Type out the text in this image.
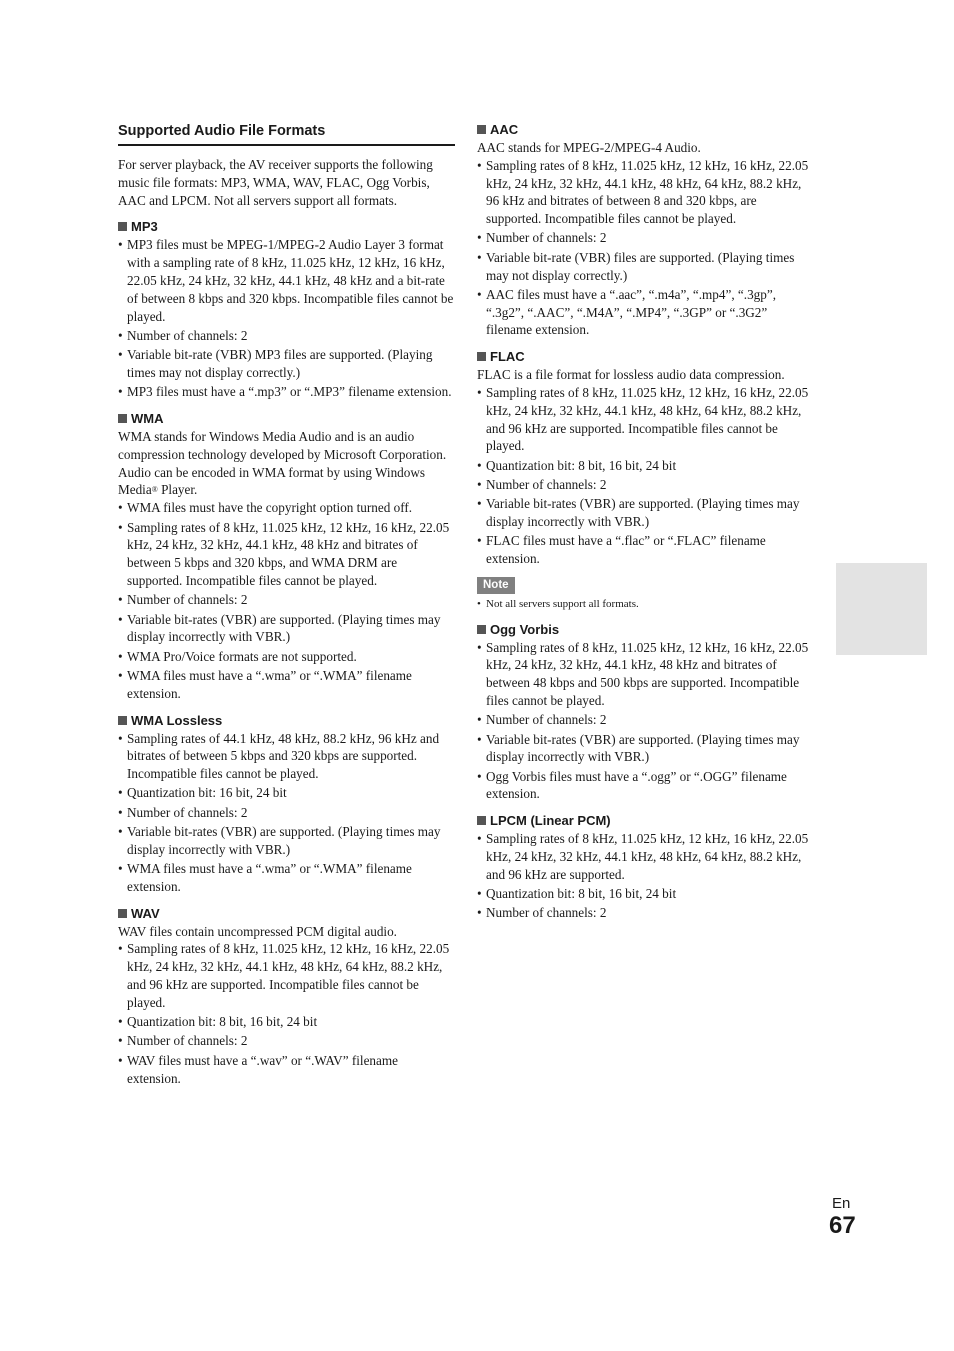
Supported Audio File Formats

For server playback, the AV receiver supports the following music file formats: MP3, WMA, WAV, FLAC, Ogg Vorbis, AAC and LPCM. Not all servers support all formats.

MP3
• MP3 files must be MPEG-1/MPEG-2 Audio Layer 3 format with a sampling rate of 8 kHz, 11.025 kHz, 12 kHz, 16 kHz, 22.05 kHz, 24 kHz, 32 kHz, 44.1 kHz, 48 kHz and a bit-rate of between 8 kbps and 320 kbps. Incompatible files cannot be played.
• Number of channels: 2
• Variable bit-rate (VBR) MP3 files are supported. (Playing times may not display correctly.)
• MP3 files must have a “.mp3” or “.MP3” filename extension.
WMA

WMA stands for Windows Media Audio and is an audio compression technology developed by Microsoft Corporation. Audio can be encoded in WMA format by using Windows Media® Player.

• WMA files must have the copyright option turned off.
• Sampling rates of 8 kHz, 11.025 kHz, 12 kHz, 16 kHz, 22.05 kHz, 24 kHz, 32 kHz, 44.1 kHz, 48 kHz and bitrates of between 5 kbps and 320 kbps, and WMA DRM are supported. Incompatible files cannot be played.
• Number of channels: 2
• Variable bit-rates (VBR) are supported. (Playing times may display incorrectly with VBR.)
• WMA Pro/Voice formats are not supported.
• WMA files must have a “.wma” or “.WMA” filename extension.
WMA Lossless
• Sampling rates of 44.1 kHz, 48 kHz, 88.2 kHz, 96 kHz and bitrates of between 5 kbps and 320 kbps are supported. Incompatible files cannot be played.
• Quantization bit: 16 bit, 24 bit
• Number of channels: 2
• Variable bit-rates (VBR) are supported. (Playing times may display incorrectly with VBR.)
• WMA files must have a “.wma” or “.WMA” filename extension.
WAV

WAV files contain uncompressed PCM digital audio.

• Sampling rates of 8 kHz, 11.025 kHz, 12 kHz, 16 kHz, 22.05 kHz, 24 kHz, 32 kHz, 44.1 kHz, 48 kHz, 64 kHz, 88.2 kHz, and 96 kHz are supported. Incompatible files cannot be played.
• Quantization bit: 8 bit, 16 bit, 24 bit
• Number of channels: 2
• WAV files must have a “.wav” or “.WAV” filename extension.
AAC

AAC stands for MPEG-2/MPEG-4 Audio.

• Sampling rates of 8 kHz, 11.025 kHz, 12 kHz, 16 kHz, 22.05 kHz, 24 kHz, 32 kHz, 44.1 kHz, 48 kHz, 64 kHz, 88.2 kHz, 96 kHz and bitrates of between 8 and 320 kbps, are supported. Incompatible files cannot be played.
• Number of channels: 2
• Variable bit-rate (VBR) files are supported. (Playing times may not display correctly.)
• AAC files must have a “.aac”, “.m4a”, “.mp4”, “.3gp”, “.3g2”, “.AAC”, “.M4A”, “.MP4”, “.3GP” or “.3G2” filename extension.
FLAC

FLAC is a file format for lossless audio data compression.

• Sampling rates of 8 kHz, 11.025 kHz, 12 kHz, 16 kHz, 22.05 kHz, 24 kHz, 32 kHz, 44.1 kHz, 48 kHz, 64 kHz, 88.2 kHz, and 96 kHz are supported. Incompatible files cannot be played.
• Quantization bit: 8 bit, 16 bit, 24 bit
• Number of channels: 2
• Variable bit-rates (VBR) are supported. (Playing times may display incorrectly with VBR.)
• FLAC files must have a “.flac” or “.FLAC” filename extension.
Note
• Not all servers support all formats.
Ogg Vorbis
• Sampling rates of 8 kHz, 11.025 kHz, 12 kHz, 16 kHz, 22.05 kHz, 24 kHz, 32 kHz, 44.1 kHz, 48 kHz and bitrates of between 48 kbps and 500 kbps are supported. Incompatible files cannot be played.
• Number of channels: 2
• Variable bit-rates (VBR) are supported. (Playing times may display incorrectly with VBR.)
• Ogg Vorbis files must have a “.ogg” or “.OGG” filename extension.
LPCM (Linear PCM)
• Sampling rates of 8 kHz, 11.025 kHz, 12 kHz, 16 kHz, 22.05 kHz, 24 kHz, 32 kHz, 44.1 kHz, 48 kHz, 64 kHz, 88.2 kHz, and 96 kHz are supported.
• Quantization bit: 8 bit, 16 bit, 24 bit
• Number of channels: 2
En
67
